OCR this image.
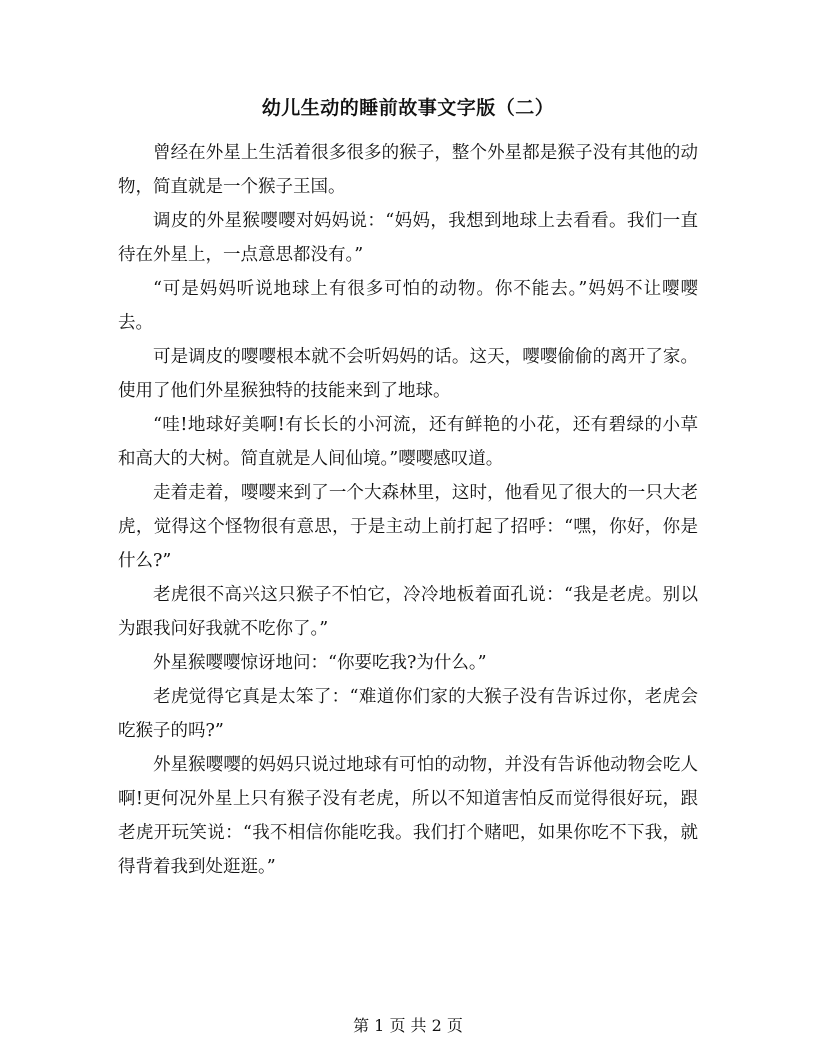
幼儿生动的睡前故事文字版（二）

曾经在外星上生活着很多很多的猴子，整个外星都是猴子没有其他的动物，简直就是一个猴子王国。

调皮的外星猴嘤嘤对妈妈说：“妈妈，我想到地球上去看看。我们一直待在外星上，一点意思都没有。”

“可是妈妈听说地球上有很多可怕的动物。你不能去。”妈妈不让嘤嘤去。

可是调皮的嘤嘤根本就不会听妈妈的话。这天，嘤嘤偷偷的离开了家。使用了他们外星猴独特的技能来到了地球。

“哇!地球好美啊!有长长的小河流，还有鲜艳的小花，还有碧绿的小草和高大的大树。简直就是人间仙境。”嘤嘤感叹道。

走着走着，嘤嘤来到了一个大森林里，这时，他看见了很大的一只大老虎，觉得这个怪物很有意思，于是主动上前打起了招呼：“嘿，你好，你是什么?”

老虎很不高兴这只猴子不怕它，冷冷地板着面孔说：“我是老虎。别以为跟我问好我就不吃你了。”

外星猴嘤嘤惊讶地问：“你要吃我?为什么。”

老虎觉得它真是太笨了：“难道你们家的大猴子没有告诉过你，老虎会吃猴子的吗?”

外星猴嘤嘤的妈妈只说过地球有可怕的动物，并没有告诉他动物会吃人啊!更何况外星上只有猴子没有老虎，所以不知道害怕反而觉得很好玩，跟老虎开玩笑说：“我不相信你能吃我。我们打个赌吧，如果你吃不下我，就得背着我到处逛逛。”

第 1 页 共 2 页
